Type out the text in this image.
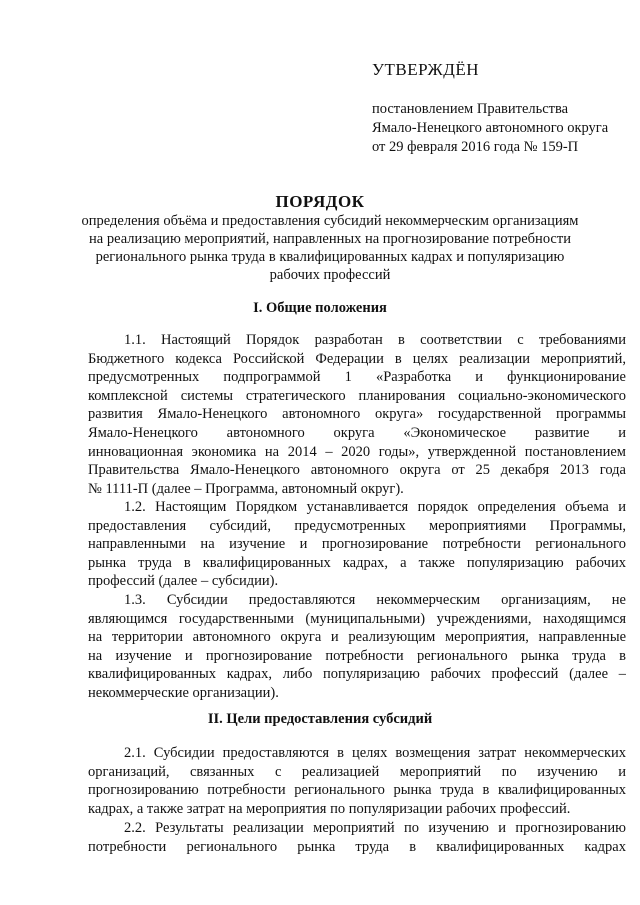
УТВЕРЖДЁН
постановлением Правительства
Ямало-Ненецкого автономного округа
от 29 февраля 2016 года № 159-П
ПОРЯДОК
определения объёма и предоставления субсидий некоммерческим организациям
на реализацию мероприятий, направленных на прогнозирование потребности
регионального рынка труда в квалифицированных кадрах и популяризацию
рабочих профессий
I. Общие положения
1.1. Настоящий Порядок разработан в соответствии с требованиями
Бюджетного кодекса Российской Федерации в целях реализации мероприятий,
предусмотренных подпрограммой 1 «Разработка и функционирование
комплексной системы стратегического планирования социально-экономического
развития Ямало-Ненецкого автономного округа» государственной программы
Ямало-Ненецкого автономного округа «Экономическое развитие и
инновационная экономика на 2014 – 2020 годы», утвержденной постановлением
Правительства Ямало-Ненецкого автономного округа от 25 декабря 2013 года
№ 1111-П (далее – Программа, автономный округ).
1.2. Настоящим Порядком устанавливается порядок определения объема и
предоставления субсидий, предусмотренных мероприятиями Программы,
направленными на изучение и прогнозирование потребности регионального
рынка труда в квалифицированных кадрах, а также популяризацию рабочих
профессий (далее – субсидии).
1.3. Субсидии предоставляются некоммерческим организациям, не
являющимся государственными (муниципальными) учреждениями, находящимся
на территории автономного округа и реализующим мероприятия, направленные
на изучение и прогнозирование потребности регионального рынка труда в
квалифицированных кадрах, либо популяризацию рабочих профессий (далее –
некоммерческие организации).
II. Цели предоставления субсидий
2.1. Субсидии предоставляются в целях возмещения затрат некоммерческих
организаций, связанных с реализацией мероприятий по изучению и
прогнозированию потребности регионального рынка труда в квалифицированных
кадрах, а также затрат на мероприятия по популяризации рабочих профессий.
2.2. Результаты реализации мероприятий по изучению и прогнозированию
потребности регионального рынка труда в квалифицированных кадрах
